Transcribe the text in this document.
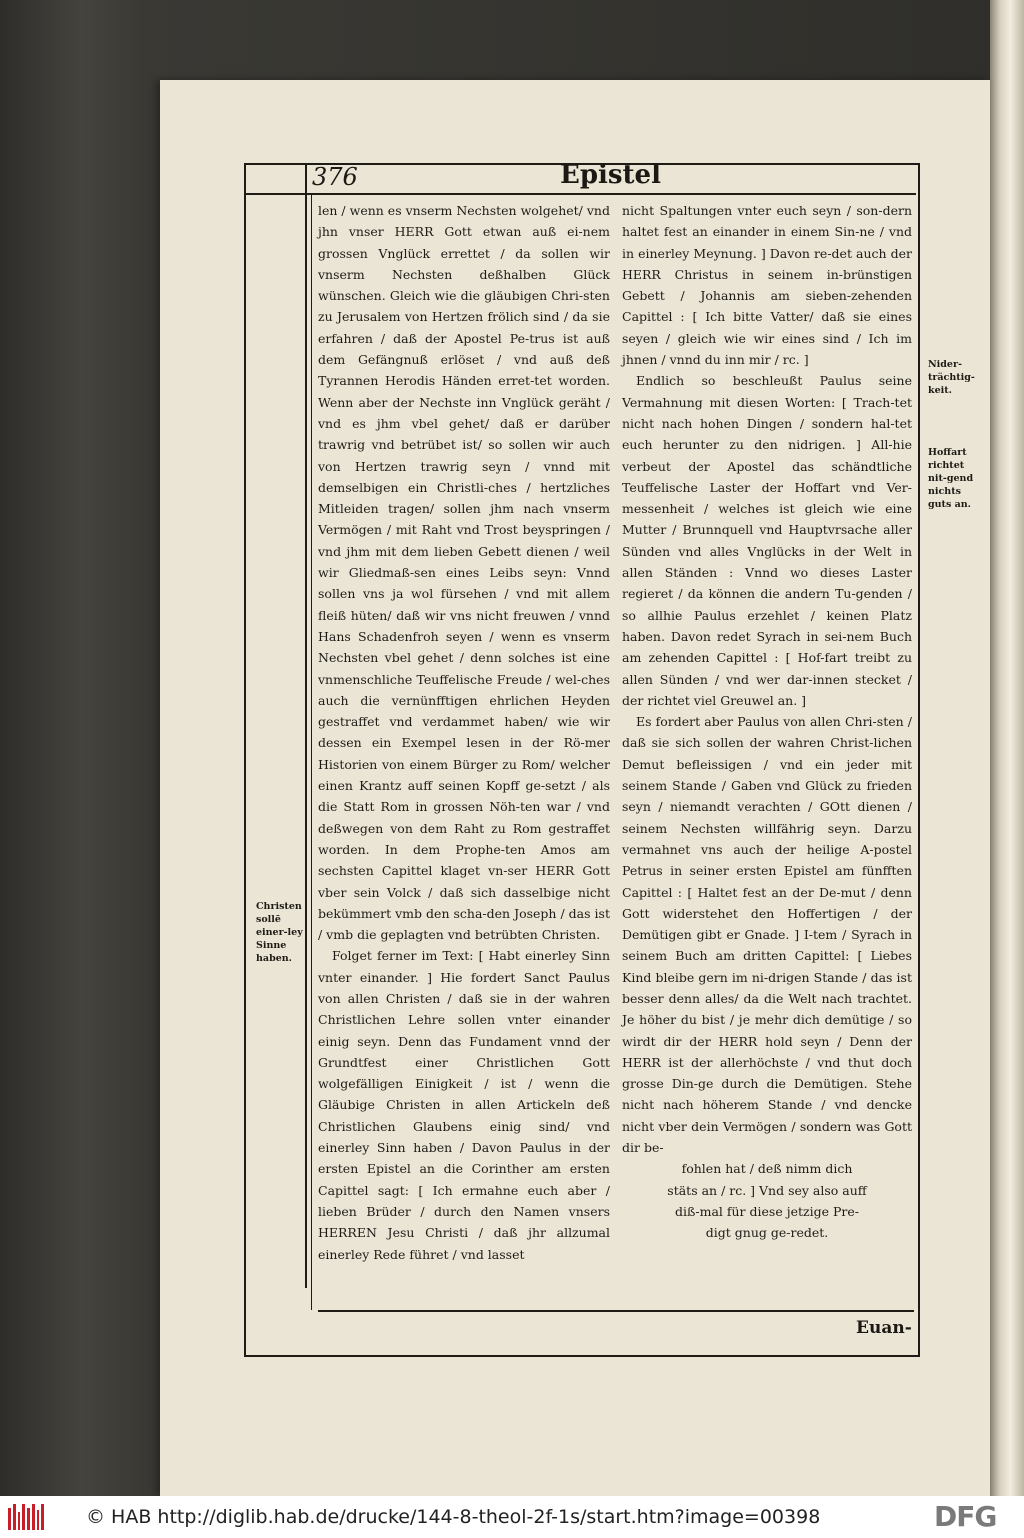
376	Epistel

len / wenn es vnserm Nechsten wolgehet/ vnd jhn vnser HERR Gott etwan auß ei-nem grossen Vnglück errettet / da sollen wir vnserm Nechsten deßhalben Glück wünschen. Gleich wie die gläubigen Chri-sten zu Jerusalem von Hertzen frölich sind / da sie erfahren / daß der Apostel Pe-trus ist auß dem Gefängnuß erlöset / vnd auß deß Tyrannen Herodis Händen erret-tet worden. Wenn aber der Nechste inn Vnglück geräht / vnd es jhm vbel gehet/ daß er darüber trawrig vnd betrübet ist/ so sollen wir auch von Hertzen trawrig seyn / vnnd mit demselbigen ein Christli-ches / hertzliches Mitleiden tragen/ sollen jhm nach vnserm Vermögen / mit Raht vnd Trost beyspringen / vnd jhm mit dem lieben Gebett dienen / weil wir Gliedmaß-sen eines Leibs seyn: Vnnd sollen vns ja wol fürsehen / vnd mit allem fleiß hüten/ daß wir vns nicht freuwen / vnnd Hans Schadenfroh seyen / wenn es vnserm Nechsten vbel gehet / denn solches ist eine vnmenschliche Teuffelische Freude / wel-ches auch die vernünfftigen ehrlichen Heyden gestraffet vnd verdammet haben/ wie wir dessen ein Exempel lesen in der Rö-mer Historien von einem Bürger zu Rom/ welcher einen Krantz auff seinen Kopff ge-setzt / als die Statt Rom in grossen Nöh-ten war / vnd deßwegen von dem Raht zu Rom gestraffet worden. In dem Prophe-ten Amos am sechsten Capittel klaget vn-ser HERR Gott vber sein Volck / daß sich dasselbige nicht bekümmert vmb den scha-den Joseph / das ist / vmb die geplagten vnd betrübten Christen.

Folget ferner im Text: [ Habt einerley Sinn vnter einander. ] Hie fordert Sanct Paulus von allen Christen / daß sie in der wahren Christlichen Lehre sollen vnter einander einig seyn. Denn das Fundament vnnd der Grundtfest einer Christlichen Gott wolgefälligen Einigkeit / ist / wenn die Gläubige Christen in allen Artickeln deß Christlichen Glaubens einig sind/ vnd einerley Sinn haben / Davon Paulus in der ersten Epistel an die Corinther am ersten Capittel sagt: [ Ich ermahne euch aber / lieben Brüder / durch den Namen vnsers HERREN Jesu Christi / daß jhr allzumal einerley Rede führet / vnd lasset

nicht Spaltungen vnter euch seyn / son-dern haltet fest an einander in einem Sin-ne / vnd in einerley Meynung. ] Davon re-det auch der HERR Christus in seinem in-brünstigen Gebett / Johannis am sieben-zehenden Capittel : [ Ich bitte Vatter/ daß sie eines seyen / gleich wie wir eines sind / Ich im jhnen / vnnd du inn mir / rc. ]

Endlich so beschleußt Paulus seine Vermahnung mit diesen Worten: [ Trach-tet nicht nach hohen Dingen / sondern hal-tet euch herunter zu den nidrigen. ] All-hie verbeut der Apostel das schändtliche Teuffelische Laster der Hoffart vnd Ver-messenheit / welches ist gleich wie eine Mutter / Brunnquell vnd Hauptvrsache aller Sünden vnd alles Vnglücks in der Welt in allen Ständen : Vnnd wo dieses Laster regieret / da können die andern Tu-genden / so allhie Paulus erzehlet / keinen Platz haben. Davon redet Syrach in sei-nem Buch am zehenden Capittel : [ Hof-fart treibt zu allen Sünden / vnd wer dar-innen stecket / der richtet viel Greuwel an. ]

Es fordert aber Paulus von allen Chri-sten / daß sie sich sollen der wahren Christ-lichen Demut befleissigen / vnd ein jeder mit seinem Stande / Gaben vnd Glück zu frieden seyn / niemandt verachten / GOtt dienen / seinem Nechsten willfährig seyn. Darzu vermahnet vns auch der heilige A-postel Petrus in seiner ersten Epistel am fünfften Capittel : [ Haltet fest an der De-mut / denn Gott widerstehet den Hoffertigen / der Demütigen gibt er Gnade. ] I-tem / Syrach in seinem Buch am dritten Capittel: [ Liebes Kind bleibe gern im ni-drigen Stande / das ist besser denn alles/ da die Welt nach trachtet. Je höher du bist / je mehr dich demütige / so wirdt dir der HERR hold seyn / Denn der HERR ist der allerhöchste / vnd thut doch grosse Din-ge durch die Demütigen. Stehe nicht nach höherem Stande / vnd dencke nicht vber dein Vermögen / sondern was Gott dir be-

fohlen hat / deß nimm dich stäts an / rc. ] Vnd sey also auff diß-mal für diese jetzige Pre-digt gnug ge-redet.

Christen sollē einer-ley Sinne haben.
Nider-trächtig-keit.
Hoffart richtet nit-gend nichts guts an.
Euan-
© HAB http://diglib.hab.de/drucke/144-8-theol-2f-1s/start.htm?image=00398	DFG
